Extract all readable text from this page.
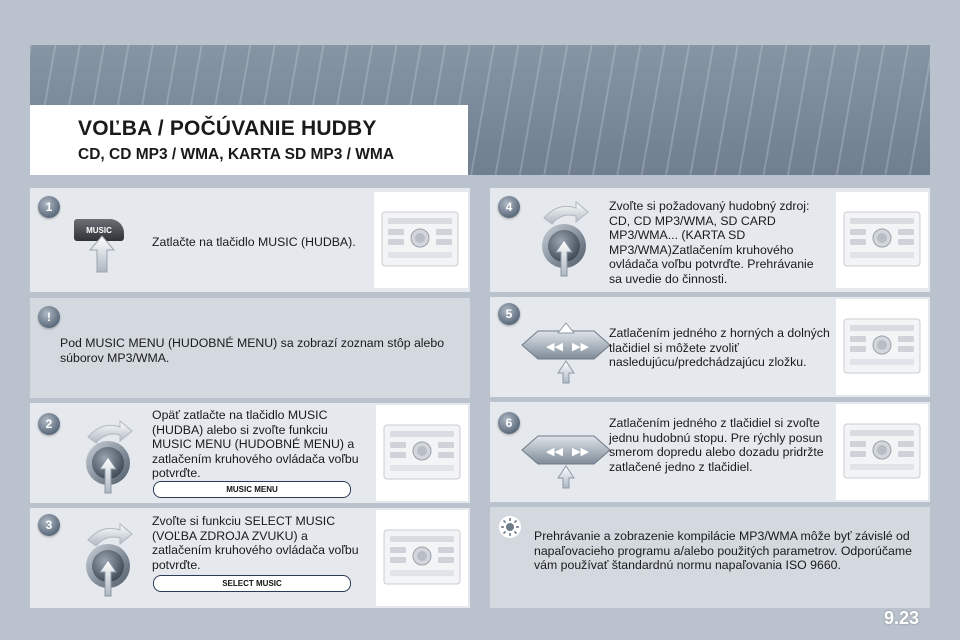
VOĽBA / POČÚVANIE HUDBY
CD, CD MP3 / WMA, KARTA SD MP3 / WMA
1
MUSIC
Zatlačte na tlačidlo MUSIC (HUDBA).
!
Pod MUSIC MENU (HUDOBNÉ MENU) sa zobrazí zoznam stôp alebo súborov MP3/WMA.
2
Opäť zatlačte na tlačidlo MUSIC (HUDBA) alebo si zvoľte funkciu MUSIC MENU (HUDOBNÉ MENU) a zatlačením kruhového ovládača voľbu potvrďte.
MUSIC MENU
3	Zvoľte si funkciu SELECT MUSIC (VOĽBA ZDROJA ZVUKU) a zatlačením kruhového ovládača voľbu potvrďte.
SELECT MUSIC
4	Zvoľte si požadovaný hudobný zdroj: CD, CD MP3/WMA, SD CARD MP3/WMA... (KARTA SD MP3/WMA)Zatlačením kruhového ovládača voľbu potvrďte. Prehrávanie sa uvedie do činnosti.
5
◀◀ ▶▶
Zatlačením jedného z horných a dolných tlačidiel si môžete zvoliť nasledujúcu/predchádzajúcu zložku.
6
◀◀ ▶▶
Zatlačením jedného z tlačidiel si zvoľte jednu hudobnú stopu. Pre rýchly posun smerom dopredu alebo dozadu pridržte zatlačené jedno z tlačidiel.
Prehrávanie a zobrazenie kompilácie MP3/WMA môže byť závislé od napaľovacieho programu a/alebo použitých parametrov. Odporúčame vám používať štandardnú normu napaľovania ISO 9660.
9.23
